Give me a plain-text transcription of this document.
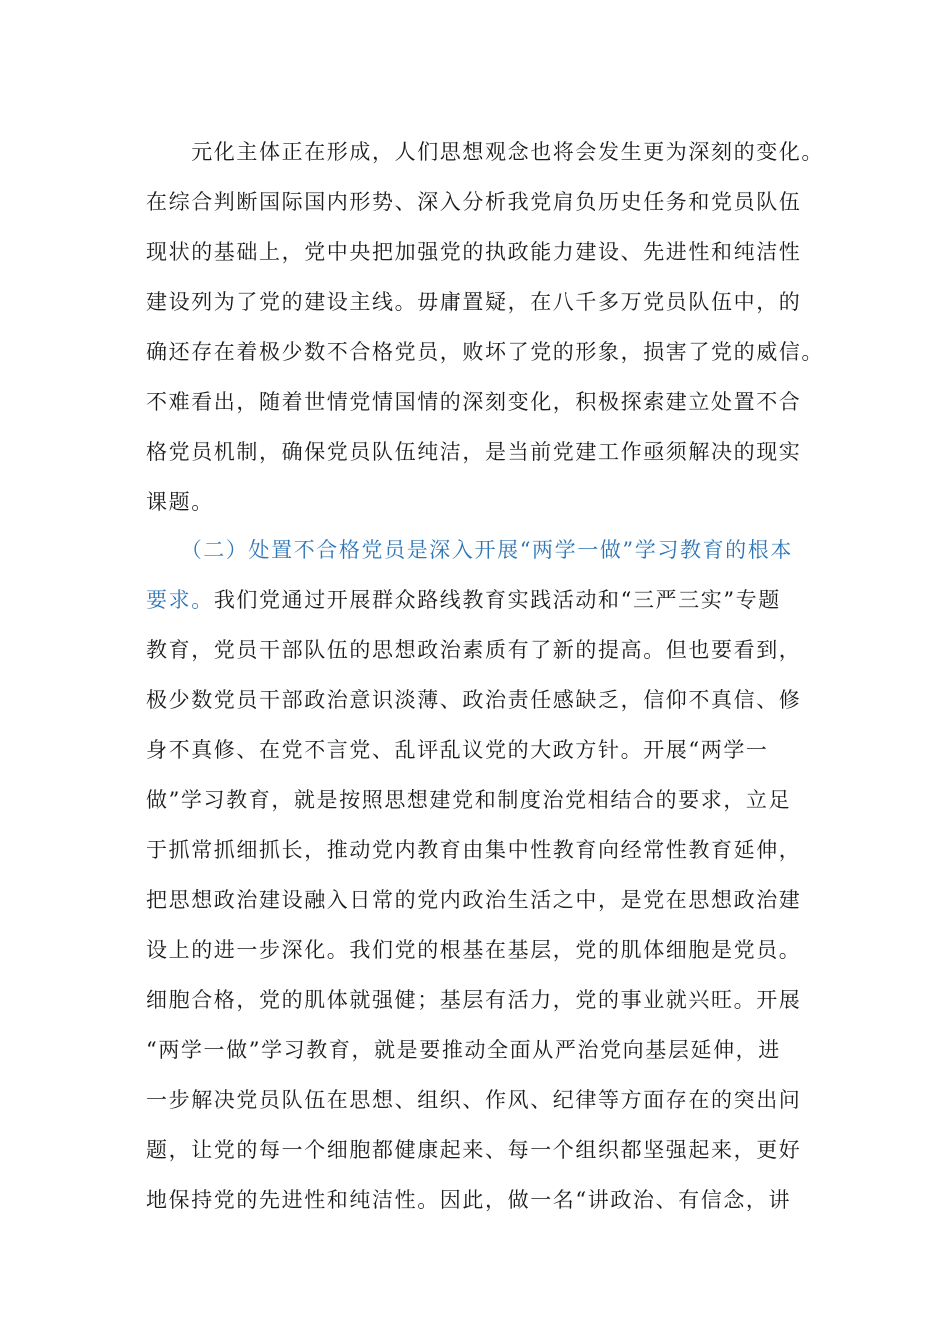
　　元化主体正在形成，人们思想观念也将会发生更为深刻的变化。
在综合判断国际国内形势、深入分析我党肩负历史任务和党员队伍
现状的基础上，党中央把加强党的执政能力建设、先进性和纯洁性
建设列为了党的建设主线。毋庸置疑，在八千多万党员队伍中，的
确还存在着极少数不合格党员，败坏了党的形象，损害了党的威信。
不难看出，随着世情党情国情的深刻变化，积极探索建立处置不合
格党员机制，确保党员队伍纯洁，是当前党建工作亟须解决的现实
课题。
　　（二）处置不合格党员是深入开展“两学一做”学习教育的根本
要求。我们党通过开展群众路线教育实践活动和“三严三实”专题
教育，党员干部队伍的思想政治素质有了新的提高。但也要看到，
极少数党员干部政治意识淡薄、政治责任感缺乏，信仰不真信、修
身不真修、在党不言党、乱评乱议党的大政方针。开展“两学一
做”学习教育，就是按照思想建党和制度治党相结合的要求，立足
于抓常抓细抓长，推动党内教育由集中性教育向经常性教育延伸，
把思想政治建设融入日常的党内政治生活之中，是党在思想政治建
设上的进一步深化。我们党的根基在基层，党的肌体细胞是党员。
细胞合格，党的肌体就强健；基层有活力，党的事业就兴旺。开展
“两学一做”学习教育，就是要推动全面从严治党向基层延伸，进
一步解决党员队伍在思想、组织、作风、纪律等方面存在的突出问
题，让党的每一个细胞都健康起来、每一个组织都坚强起来，更好
地保持党的先进性和纯洁性。因此，做一名“讲政治、有信念，讲
